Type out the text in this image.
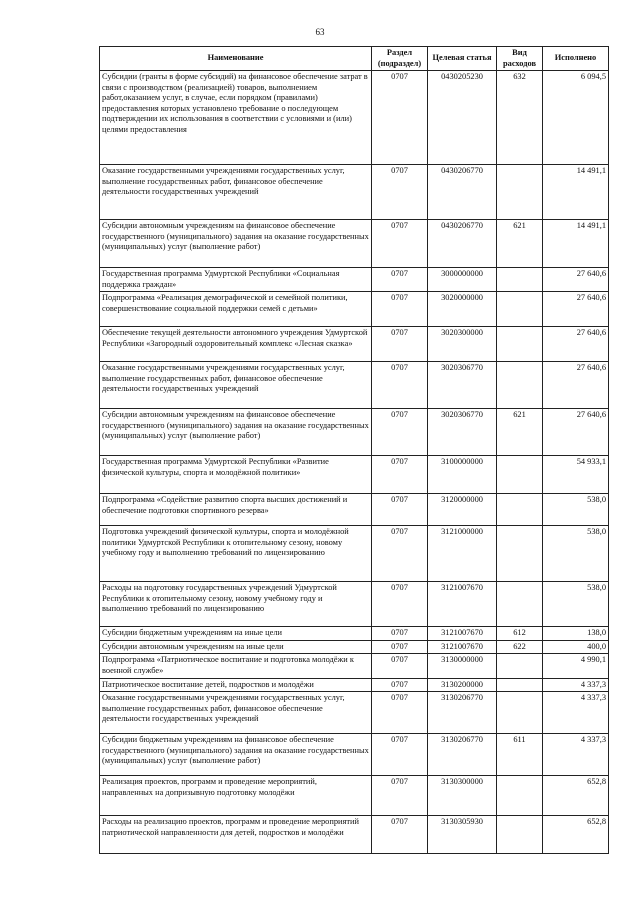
63
Наименование	Раздел (подраздел)	Целевая статья	Вид расходов	Исполнено
Субсидии (гранты в форме субсидий) на финансовое обеспечение затрат в связи с производством (реализацией) товаров, выполнением работ,оказанием услуг, в случае, если порядком (правилами) предоставления которых установлено требование о последующем подтверждении их использования в соответствии с условиями и (или) целями предоставления	0707	0430205230	632	6 094,5
Оказание государственными учреждениями государственных услуг, выполнение государственных работ, финансовое обеспечение деятельности государственных учреждений	0707	0430206770		14 491,1
Субсидии автономным учреждениям на финансовое обеспечение государственного (муниципального) задания на оказание государственных (муниципальных) услуг (выполнение работ)	0707	0430206770	621	14 491,1
Государственная программа Удмуртской Республики «Социальная поддержка граждан»	0707	3000000000		27 640,6
Подпрограмма «Реализация демографической и семейной политики, совершенствование социальной поддержки семей с детьми»	0707	3020000000		27 640,6
Обеспечение текущей деятельности автономного учреждения Удмуртской Республики «Загородный оздоровительный комплекс «Лесная сказка»	0707	3020300000		27 640,6
Оказание государственными учреждениями государственных услуг, выполнение государственных работ, финансовое обеспечение деятельности государственных учреждений	0707	3020306770		27 640,6
Субсидии автономным учреждениям на финансовое обеспечение государственного (муниципального) задания на оказание государственных (муниципальных) услуг (выполнение работ)	0707	3020306770	621	27 640,6
Государственная программа Удмуртской Республики «Развитие физической культуры, спорта и молодёжной политики»	0707	3100000000		54 933,1
Подпрограмма «Содействие развитию спорта высших достижений и обеспечение подготовки спортивного резерва»	0707	3120000000		538,0
Подготовка учреждений физической культуры, спорта и молодёжной политики Удмуртской Республики к отопительному сезону, новому учебному году и выполнению требований по лицензированию	0707	3121000000		538,0
Расходы на подготовку государственных учреждений Удмуртской Республики к отопительному сезону, новому учебному году и выполнению требований по лицензированию	0707	3121007670		538,0
Субсидии бюджетным учреждениям на иные цели	0707	3121007670	612	138,0
Субсидии автономным учреждениям на иные цели	0707	3121007670	622	400,0
Подпрограмма «Патриотическое воспитание и подготовка молодёжи к военной службе»	0707	3130000000		4 990,1
Патриотическое воспитание детей, подростков и молодёжи	0707	3130200000		4 337,3
Оказание государственными учреждениями государственных услуг, выполнение государственных работ, финансовое обеспечение деятельности государственных учреждений	0707	3130206770		4 337,3
Субсидии бюджетным учреждениям на финансовое обеспечение государственного (муниципального) задания на оказание государственных (муниципальных) услуг (выполнение работ)	0707	3130206770	611	4 337,3
Реализация проектов, программ и проведение мероприятий, направленных на допризывную подготовку молодёжи	0707	3130300000		652,8
Расходы на реализацию проектов, программ и проведение мероприятий патриотической направленности для детей, подростков и молодёжи	0707	3130305930		652,8
